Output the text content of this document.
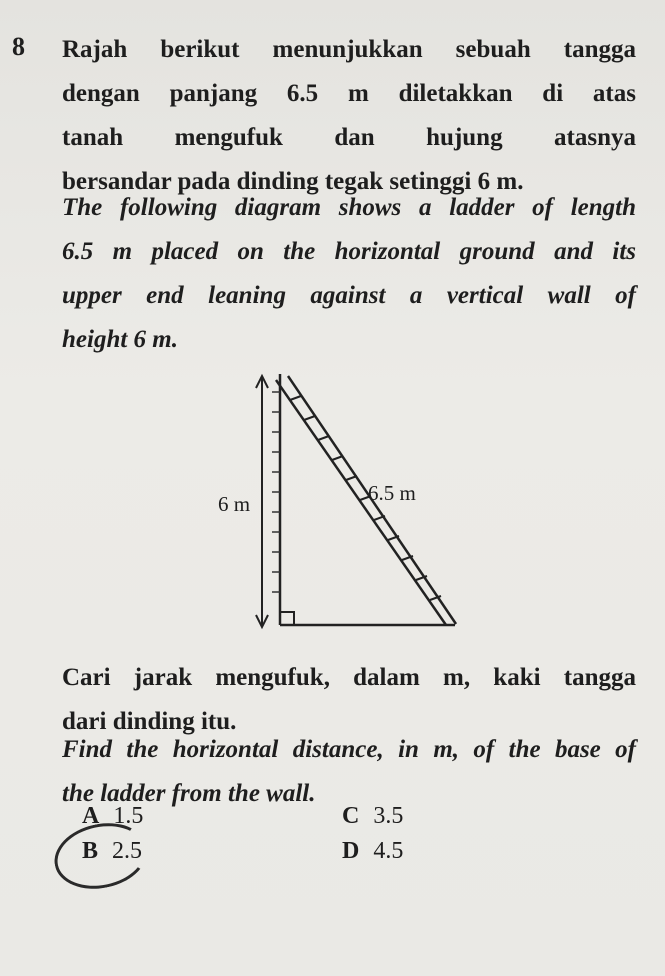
8 Rajah berikut menunjukkan sebuah tangga
dengan panjang 6.5 m diletakkan di atas
tanah mengufuk dan hujung atasnya
bersandar pada dinding tegak setinggi 6 m.
The following diagram shows a ladder of length
6.5 m placed on the horizontal ground and its
upper end leaning against a vertical wall of
height 6 m.
6 m	6.5 m
Cari jarak mengufuk, dalam m, kaki tangga
dari dinding itu.
Find the horizontal distance, in m, of the base of
the ladder from the wall.
A 1.5
B 2.5
C 3.5
D 4.5
